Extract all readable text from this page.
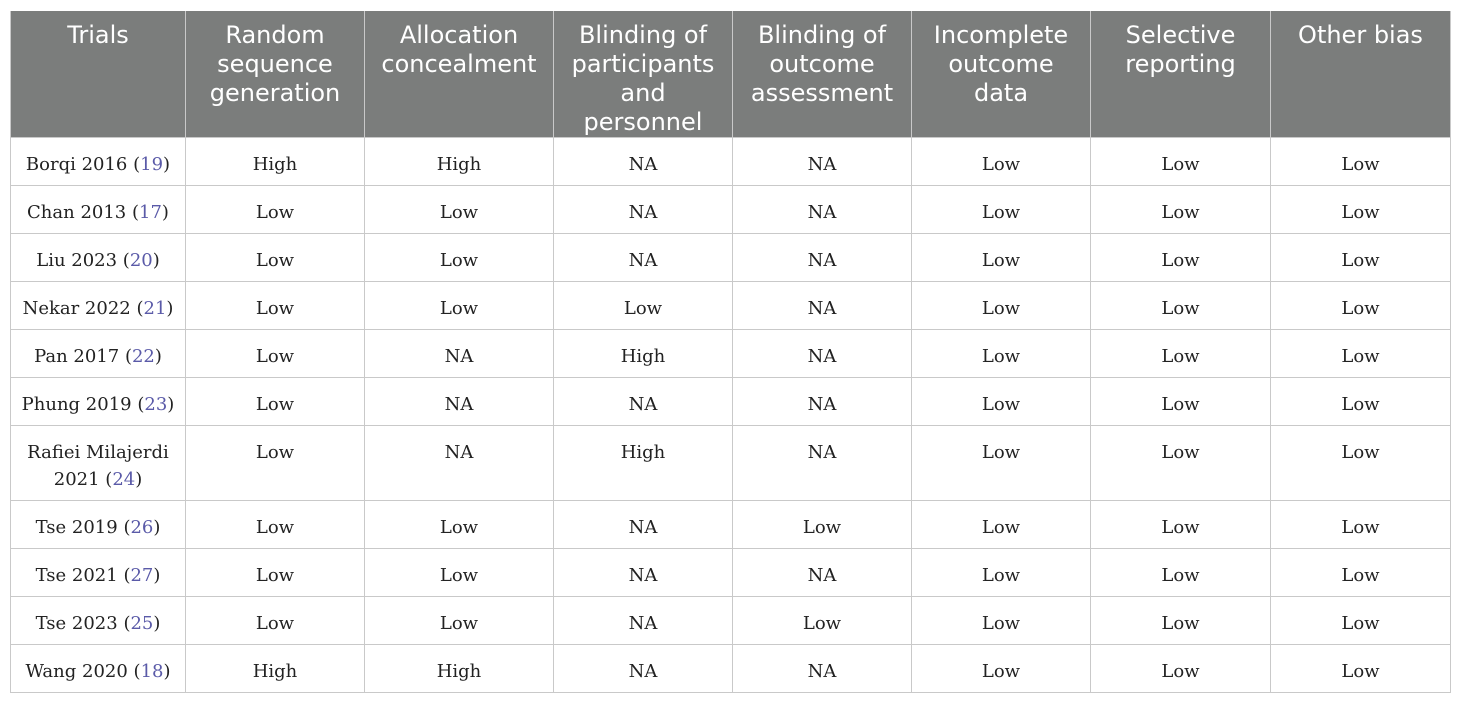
Trials	Random sequence generation	Allocation concealment	Blinding of participants and personnel	Blinding of outcome assessment	Incomplete outcome data	Selective reporting	Other bias
Borqi 2016 (19)	High	High	NA	NA	Low	Low	Low
Chan 2013 (17)	Low	Low	NA	NA	Low	Low	Low
Liu 2023 (20)	Low	Low	NA	NA	Low	Low	Low
Nekar 2022 (21)	Low	Low	Low	NA	Low	Low	Low
Pan 2017 (22)	Low	NA	High	NA	Low	Low	Low
Phung 2019 (23)	Low	NA	NA	NA	Low	Low	Low
Rafiei Milajerdi 2021 (24)	Low	NA	High	NA	Low	Low	Low
Tse 2019 (26)	Low	Low	NA	Low	Low	Low	Low
Tse 2021 (27)	Low	Low	NA	NA	Low	Low	Low
Tse 2023 (25)	Low	Low	NA	Low	Low	Low	Low
Wang 2020 (18)	High	High	NA	NA	Low	Low	Low
